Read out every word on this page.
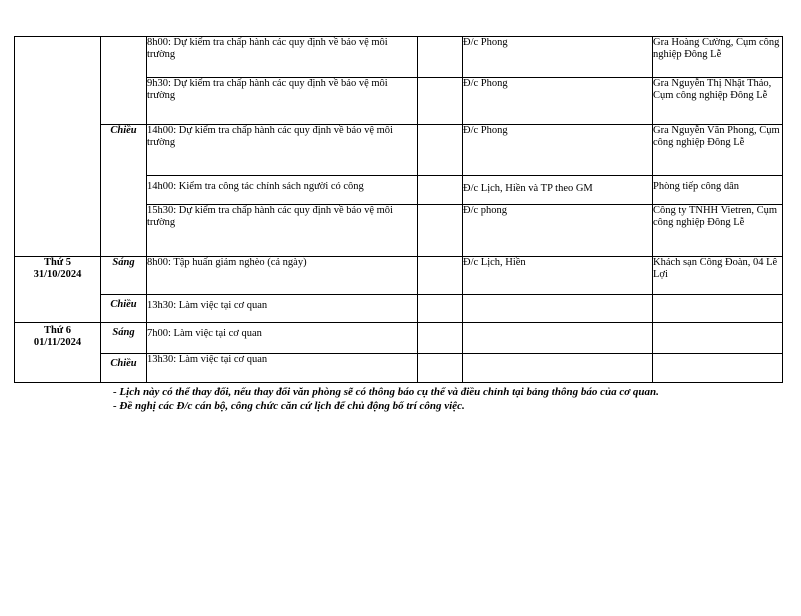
		8h00: Dự kiểm tra chấp hành các quy định về bảo vệ môi trường		Đ/c Phong	Gra Hoàng Cường, Cụm công nghiệp Đông Lễ
		9h30: Dự kiểm tra chấp hành các quy định về bảo vệ môi trường		Đ/c Phong	Gra Nguyễn Thị Nhật Thảo, Cụm công nghiệp Đông Lễ
	Chiều	14h00: Dự kiểm tra chấp hành các quy định về bảo vệ môi trường		Đ/c Phong	Gra Nguyễn Văn Phong, Cụm công nghiệp Đông Lễ
		14h00: Kiểm tra công tác chính sách người có công		Đ/c Lịch, Hiền và TP theo GM	Phòng tiếp công dân
		15h30: Dự kiểm tra chấp hành các quy định về bảo vệ môi trường		Đ/c phong	Công ty TNHH Vietren, Cụm công nghiệp Đông Lễ

Thứ 5
31/10/2024	Sáng	8h00: Tập huấn giảm nghèo (cả ngày)		Đ/c Lịch, Hiền	Khách sạn Công Đoàn, 04 Lê Lợi
	Chiều	13h30: Làm việc tại cơ quan			

Thứ 6
01/11/2024	Sáng	7h00: Làm việc tại cơ quan			
	Chiều	13h30: Làm việc tại cơ quan			
- Lịch này có thể thay đổi, nếu thay đổi văn phòng sẽ có thông báo cụ thể và điều chỉnh tại bảng thông báo của cơ quan.
- Đề nghị các Đ/c cán bộ, công chức căn cứ lịch để chủ động bố trí công việc.
